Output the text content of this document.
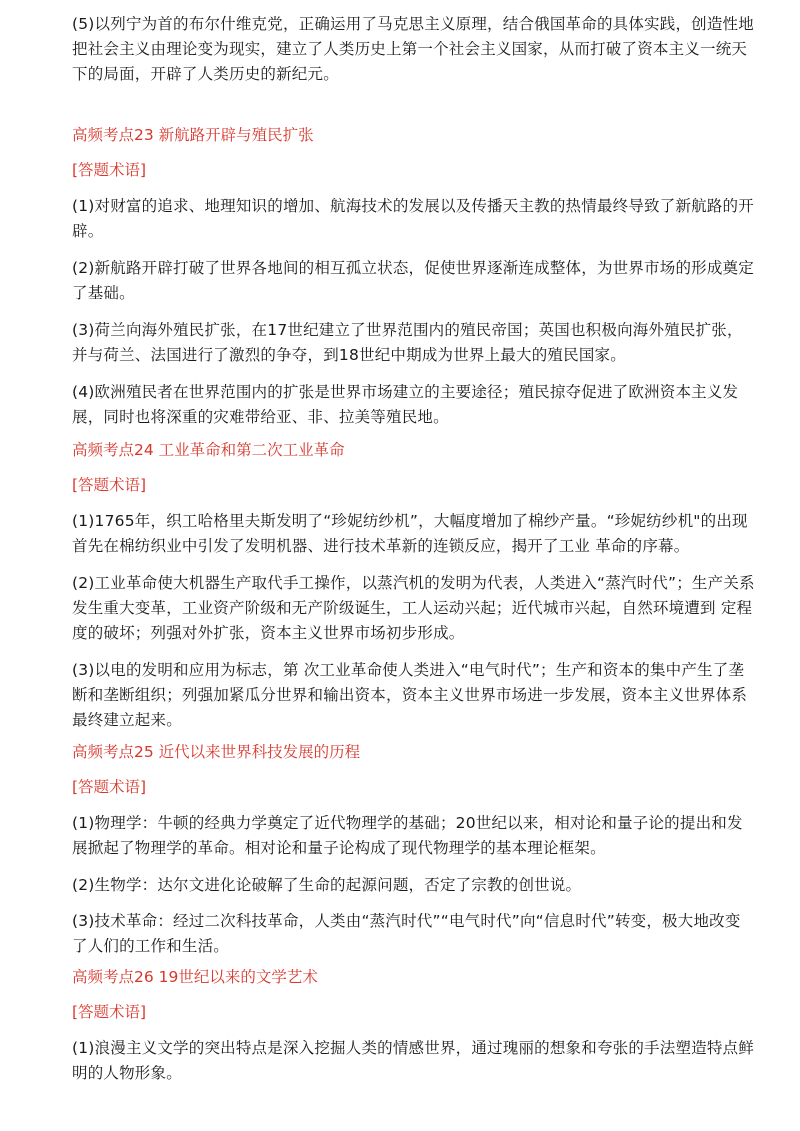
(5)以列宁为首的布尔什维克党，正确运用了马克思主义原理，结合俄国革命的具体实践，创造性地把社会主义由理论变为现实，建立了人类历史上第一个社会主义国家，从而打破了资本主义一统天下的局面，开辟了人类历史的新纪元。

高频考点23 新航路开辟与殖民扩张

[答题术语]

(1)对财富的追求、地理知识的增加、航海技术的发展以及传播天主教的热情最终导致了新航路的开辟。

(2)新航路开辟打破了世界各地间的相互孤立状态，促使世界逐渐连成整体，为世界市场的形成奠定了基础。

(3)荷兰向海外殖民扩张，在17世纪建立了世界范围内的殖民帝国；英国也积极向海外殖民扩张，并与荷兰、法国进行了激烈的争夺，到18世纪中期成为世界上最大的殖民国家。

(4)欧洲殖民者在世界范围内的扩张是世界市场建立的主要途径；殖民掠夺促进了欧洲资本主义发展，同时也将深重的灾难带给亚、非、拉美等殖民地。

高频考点24 工业革命和第二次工业革命

[答题术语]

(1)1765年，织工哈格里夫斯发明了“珍妮纺纱机”，大幅度增加了棉纱产量。“珍妮纺纱机"的出现首先在棉纺织业中引发了发明机器、进行技术革新的连锁反应，揭开了工业 革命的序幕。

(2)工业革命使大机器生产取代手工操作，以蒸汽机的发明为代表，人类进入“蒸汽时代”；生产关系发生重大变革，工业资产阶级和无产阶级诞生，工人运动兴起；近代城市兴起，自然环境遭到 定程度的破坏；列强对外扩张，资本主义世界市场初步形成。

(3)以电的发明和应用为标志，第 次工业革命使人类进入“电气时代”；生产和资本的集中产生了垄断和垄断组织；列强加紧瓜分世界和输出资本，资本主义世界市场进一步发展，资本主义世界体系最终建立起来。

高频考点25 近代以来世界科技发展的历程

[答题术语]

(1)物理学：牛顿的经典力学奠定了近代物理学的基础；20世纪以来，相对论和量子论的提出和发展掀起了物理学的革命。相对论和量子论构成了现代物理学的基本理论框架。

(2)生物学：达尔文进化论破解了生命的起源问题，否定了宗教的创世说。

(3)技术革命：经过二次科技革命，人类由“蒸汽时代”“电气时代”向“信息时代”转变，极大地改变了人们的工作和生活。

高频考点26 19世纪以来的文学艺术

[答题术语]

(1)浪漫主义文学的突出特点是深入挖掘人类的情感世界，通过瑰丽的想象和夸张的手法塑造特点鲜明的人物形象。
